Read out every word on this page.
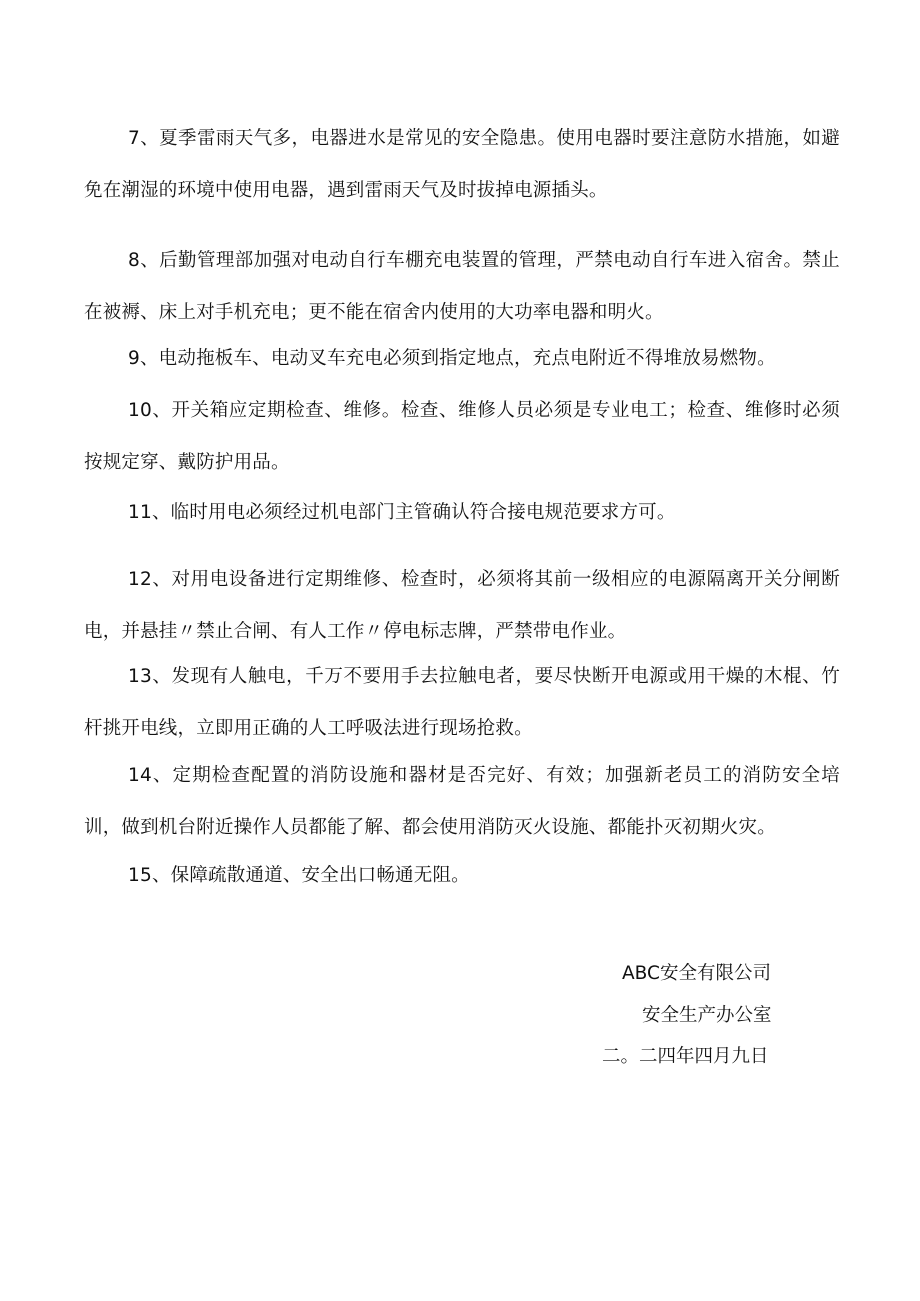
7、夏季雷雨天气多，电器进水是常见的安全隐患。使用电器时要注意防水措施，如避免在潮湿的环境中使用电器，遇到雷雨天气及时拔掉电源插头。

8、后勤管理部加强对电动自行车棚充电装置的管理，严禁电动自行车进入宿舍。禁止在被褥、床上对手机充电；更不能在宿舍内使用的大功率电器和明火。

9、电动拖板车、电动叉车充电必须到指定地点，充点电附近不得堆放易燃物。

10、开关箱应定期检查、维修。检查、维修人员必须是专业电工；检查、维修时必须按规定穿、戴防护用品。

11、临时用电必须经过机电部门主管确认符合接电规范要求方可。

12、对用电设备进行定期维修、检查时，必须将其前一级相应的电源隔离开关分闸断电，并悬挂〃禁止合闸、有人工作〃停电标志牌，严禁带电作业。

13、发现有人触电，千万不要用手去拉触电者，要尽快断开电源或用干燥的木棍、竹杆挑开电线，立即用正确的人工呼吸法进行现场抢救。

14、定期检查配置的消防设施和器材是否完好、有效；加强新老员工的消防安全培训，做到机台附近操作人员都能了解、都会使用消防灭火设施、都能扑灭初期火灾。

15、保障疏散通道、安全出口畅通无阻。

ABC安全有限公司
安全生产办公室
二。二四年四月九日
